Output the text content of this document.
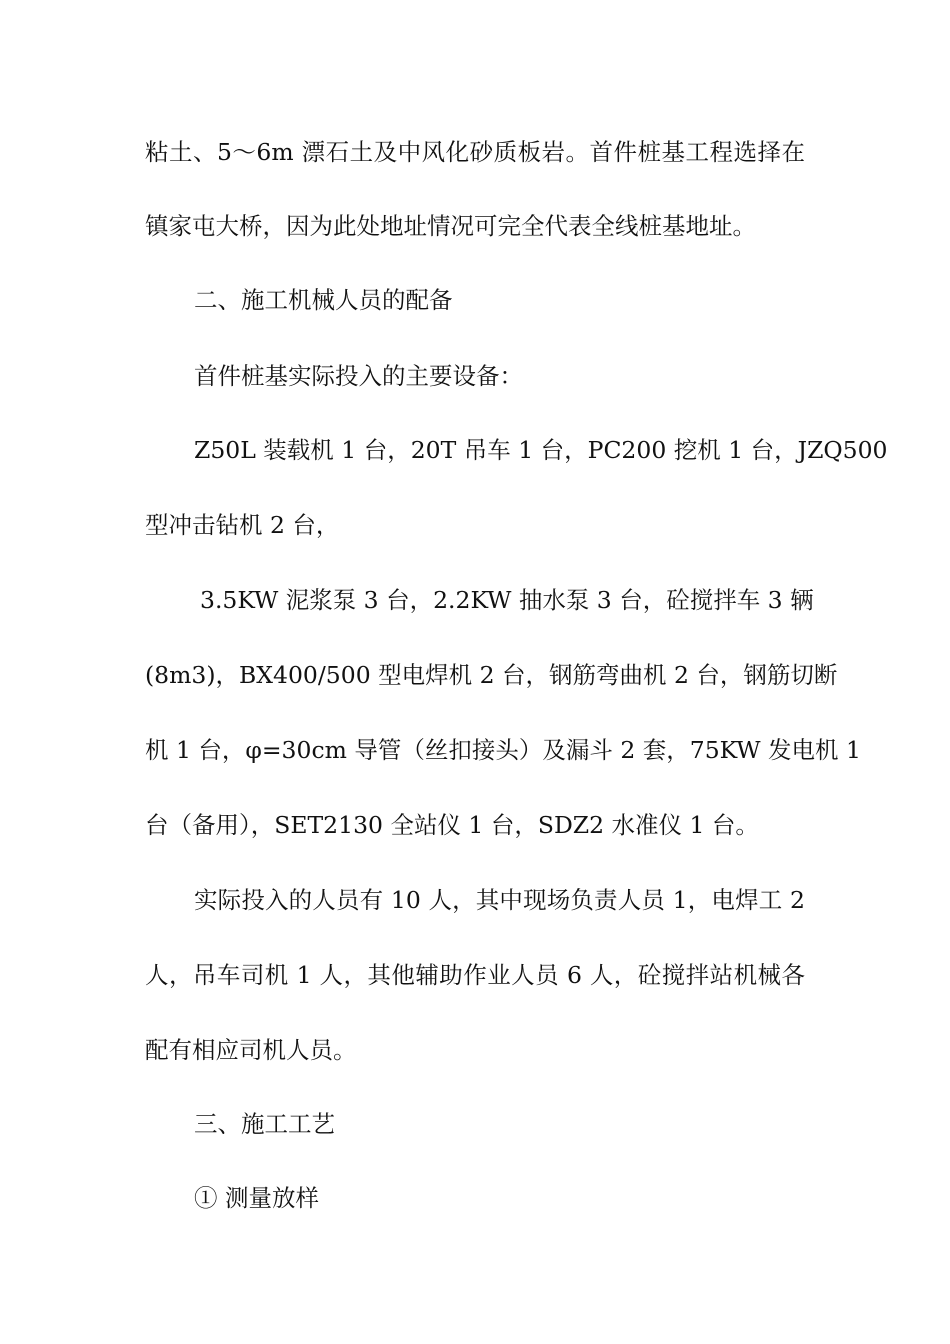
粘土、5～6m 漂石土及中风化砂质板岩。首件桩基工程选择在

镇家屯大桥，因为此处地址情况可完全代表全线桩基地址。

二、施工机械人员的配备

首件桩基实际投入的主要设备：

Z50L 装载机 1 台，20T 吊车 1 台，PC200 挖机 1 台，JZQ500

型冲击钻机 2 台，

3.5KW 泥浆泵 3 台，2.2KW 抽水泵 3 台，砼搅拌车 3 辆

(8m3)，BX400/500 型电焊机 2 台，钢筋弯曲机 2 台，钢筋切断

机 1 台，φ=30cm 导管（丝扣接头）及漏斗 2 套，75KW 发电机 1

台（备用），SET2130 全站仪 1 台，SDZ2 水准仪 1 台。

实际投入的人员有 10 人，其中现场负责人员 1，电焊工 2

人，吊车司机 1 人，其他辅助作业人员 6 人，砼搅拌站机械各

配有相应司机人员。

三、施工工艺

① 测量放样
